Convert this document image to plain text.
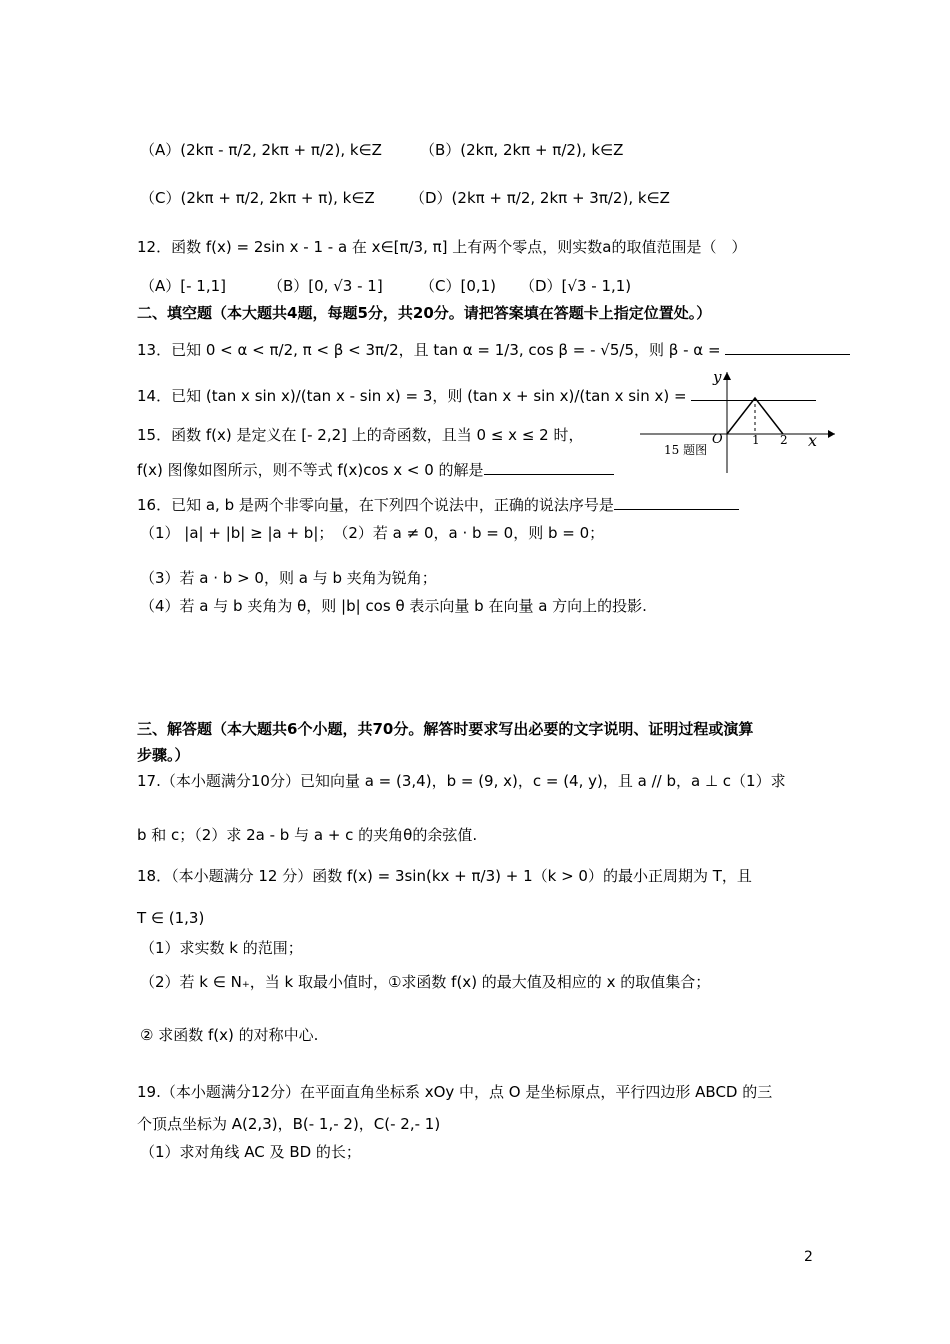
（A）(2kπ - π/2, 2kπ + π/2), k∈Z	（B）(2kπ, 2kπ + π/2), k∈Z
（C）(2kπ + π/2, 2kπ + π), k∈Z （D）(2kπ + π/2, 2kπ + 3π/2), k∈Z
12．函数 f(x) = 2sin x - 1 - a 在 x∈[π/3, π] 上有两个零点，则实数a的取值范围是（　）
（A）[- 1,1]	（B）[0, √3 - 1] （C）[0,1) （D）[√3 - 1,1)
二、填空题（本大题共4题，每题5分，共20分。请把答案填在答题卡上指定位置处。）
13．已知 0 < α < π/2, π < β < 3π/2，且 tan α = 1/3, cos β = - √5/5，则 β - α =
14．已知 (tan x sin x)/(tan x - sin x) = 3，则 (tan x + sin x)/(tan x sin x) =
15．函数 f(x) 是定义在 [- 2,2] 上的奇函数，且当 0 ≤ x ≤ 2 时，
f(x) 图像如图所示，则不等式 f(x)cos x < 0 的解是
y
x
O 1 2
15 题图
16．已知 a, b 是两个非零向量，在下列四个说法中，正确的说法序号是
（1） |a| + |b| ≥ |a + b|；　（2）若 a ≠ 0，a · b = 0，则 b = 0；
（3）若 a · b > 0，则 a 与 b 夹角为锐角；
（4）若 a 与 b 夹角为 θ，则 |b| cos θ 表示向量 b 在向量 a 方向上的投影.
三、解答题（本大题共6个小题，共70分。解答时要求写出必要的文字说明、证明过程或演算
步骤。）
17.（本小题满分10分）已知向量 a = (3,4)，b = (9, x)，c = (4, y)，且 a // b，a ⊥ c（1）求
b 和 c；（2）求 2a - b 与 a + c 的夹角θ的余弦值.
18．（本小题满分 12 分）函数 f(x) = 3sin(kx + π/3) + 1（k > 0）的最小正周期为 T，且
T ∈ (1,3)
（1）求实数 k 的范围；
（2）若 k ∈ N₊，当 k 取最小值时，①求函数 f(x) 的最大值及相应的 x 的取值集合；
② 求函数 f(x) 的对称中心.
19.（本小题满分12分）在平面直角坐标系 xOy 中，点 O 是坐标原点，平行四边形 ABCD 的三
个顶点坐标为 A(2,3)，B(- 1,- 2)，C(- 2,- 1)
（1）求对角线 AC 及 BD 的长；
2
